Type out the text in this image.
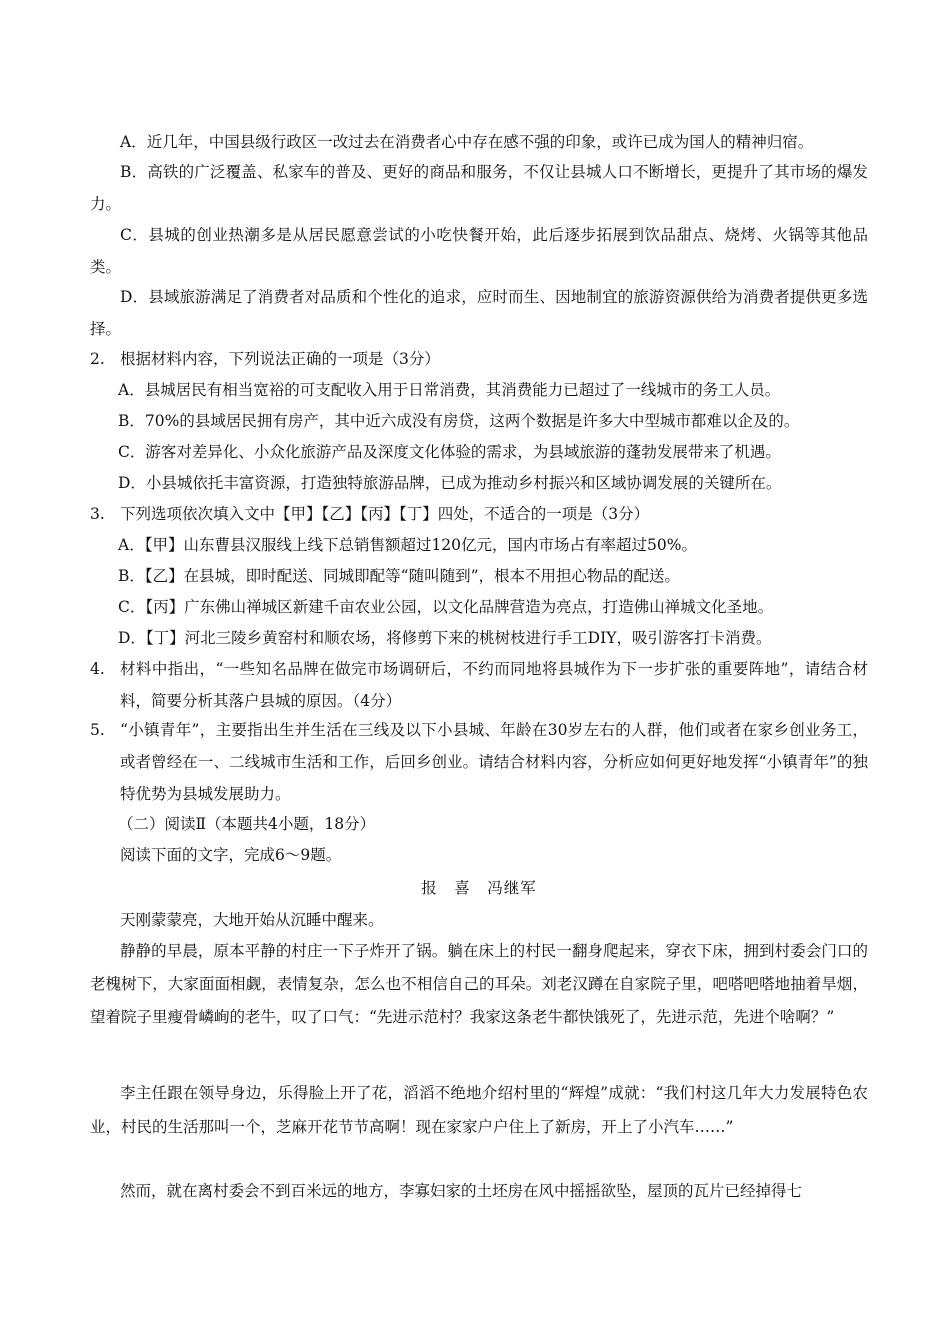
A．近几年，中国县级行政区一改过去在消费者心中存在感不强的印象，或许已成为国人的精神归宿。

B．高铁的广泛覆盖、私家车的普及、更好的商品和服务，不仅让县城人口不断增长，更提升了其市场的爆发力。

C．县城的创业热潮多是从居民愿意尝试的小吃快餐开始，此后逐步拓展到饮品甜点、烧烤、火锅等其他品类。

D．县域旅游满足了消费者对品质和个性化的追求，应时而生、因地制宜的旅游资源供给为消费者提供更多选择。

2. 根据材料内容，下列说法正确的一项是（3分）

A．县城居民有相当宽裕的可支配收入用于日常消费，其消费能力已超过了一线城市的务工人员。

B．70%的县域居民拥有房产，其中近六成没有房贷，这两个数据是许多大中型城市都难以企及的。

C．游客对差异化、小众化旅游产品及深度文化体验的需求，为县域旅游的蓬勃发展带来了机遇。

D．小县城依托丰富资源，打造独特旅游品牌，已成为推动乡村振兴和区域协调发展的关键所在。

3. 下列选项依次填入文中【甲】【乙】【丙】【丁】四处，不适合的一项是（3分）

A．【甲】山东曹县汉服线上线下总销售额超过120亿元，国内市场占有率超过50%。

B．【乙】在县城，即时配送、同城即配等“随叫随到”，根本不用担心物品的配送。

C．【丙】广东佛山禅城区新建千亩农业公园，以文化品牌营造为亮点，打造佛山禅城文化圣地。

D．【丁】河北三陵乡黄窑村和顺农场，将修剪下来的桃树枝进行手工DIY，吸引游客打卡消费。

4. 材料中指出，“一些知名品牌在做完市场调研后，不约而同地将县城作为下一步扩张的重要阵地”，请结合材料，简要分析其落户县城的原因。（4分）
5. “小镇青年”，主要指出生并生活在三线及以下小县城、年龄在30岁左右的人群，他们或者在家乡创业务工，或者曾经在一、二线城市生活和工作，后回乡创业。请结合材料内容，分析应如何更好地发挥“小镇青年”的独特优势为县城发展助力。

（二）阅读Ⅱ（本题共4小题，18分）

阅读下面的文字，完成6～9题。

报　喜　冯继军

天刚蒙蒙亮，大地开始从沉睡中醒来。

静静的早晨，原本平静的村庄一下子炸开了锅。躺在床上的村民一翻身爬起来，穿衣下床，拥到村委会门口的老槐树下，大家面面相觑，表情复杂，怎么也不相信自己的耳朵。刘老汉蹲在自家院子里，吧嗒吧嗒地抽着旱烟，望着院子里瘦骨嶙峋的老牛，叹了口气：“先进示范村？我家这条老牛都快饿死了，先进示范，先进个啥啊？”

李主任跟在领导身边，乐得脸上开了花，滔滔不绝地介绍村里的“辉煌”成就：“我们村这几年大力发展特色农业，村民的生活那叫一个，芝麻开花节节高啊！现在家家户户住上了新房，开上了小汽车……”

然而，就在离村委会不到百米远的地方，李寡妇家的土坯房在风中摇摇欲坠，屋顶的瓦片已经掉得七
